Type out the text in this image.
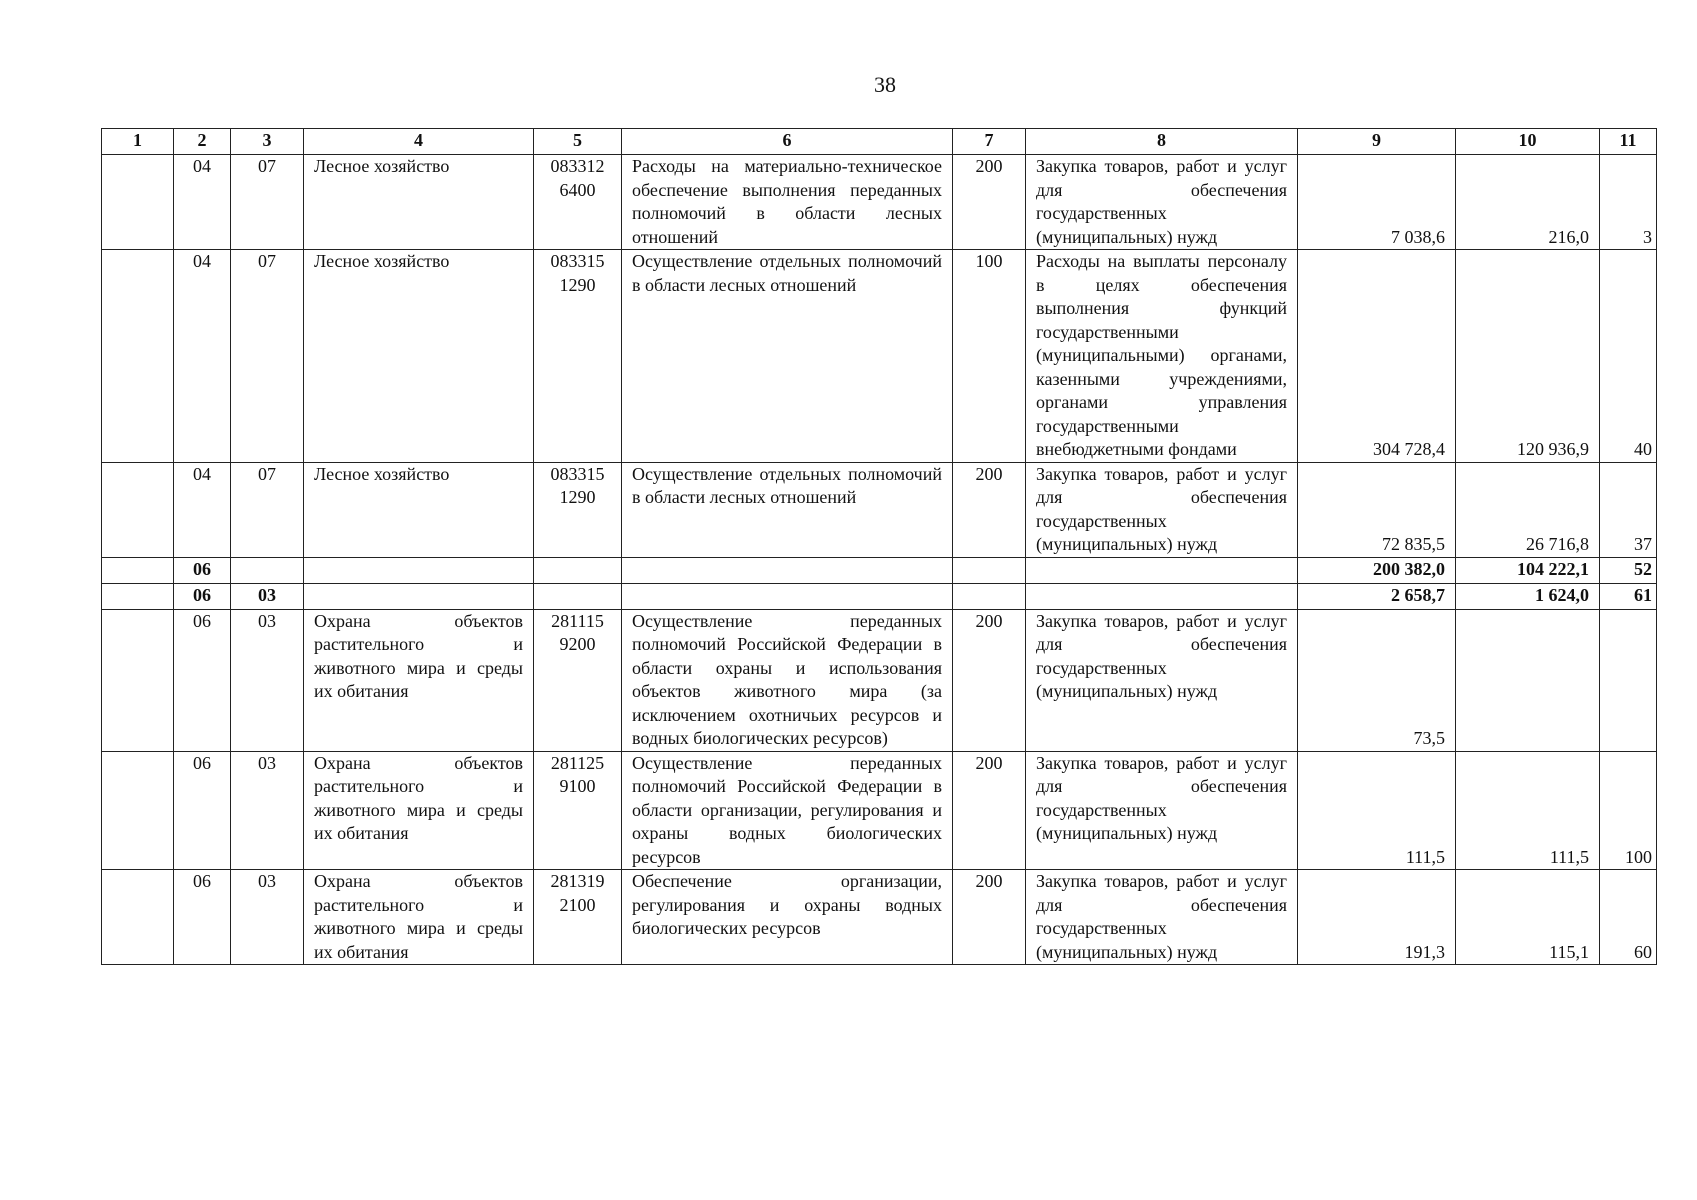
38
1	2	3	4	5	6	7	8	9	10	11
	04	07	Лесное хозяйство	083312 6400	Расходы на материально-техническое обеспечение выполнения переданных полномочий в области лесных отношений	200	Закупка товаров, работ и услуг для обеспечения государственных (муниципальных) нужд	7 038,6	216,0	3
	04	07	Лесное хозяйство	083315 1290	Осуществление отдельных полномочий в области лесных отношений	100	Расходы на выплаты персоналу в целях обеспечения выполнения функций государственными (муниципальными) органами, казенными учреждениями, органами управления государственными внебюджетными фондами	304 728,4	120 936,9	40
	04	07	Лесное хозяйство	083315 1290	Осуществление отдельных полномочий в области лесных отношений	200	Закупка товаров, работ и услуг для обеспечения государственных (муниципальных) нужд	72 835,5	26 716,8	37
	06							200 382,0	104 222,1	52
	06	03						2 658,7	1 624,0	61
	06	03	Охрана объектов растительного и животного мира и среды их обитания	281115 9200	Осуществление переданных полномочий Российской Федерации в области охраны и использования объектов животного мира (за исключением охотничьих ресурсов и водных биологических ресурсов)	200	Закупка товаров, работ и услуг для обеспечения государственных (муниципальных) нужд	73,5		
	06	03	Охрана объектов растительного и животного мира и среды их обитания	281125 9100	Осуществление переданных полномочий Российской Федерации в области организации, регулирования и охраны водных биологических ресурсов	200	Закупка товаров, работ и услуг для обеспечения государственных (муниципальных) нужд	111,5	111,5	100
	06	03	Охрана объектов растительного и животного мира и среды их обитания	281319 2100	Обеспечение организации, регулирования и охраны водных биологических ресурсов	200	Закупка товаров, работ и услуг для обеспечения государственных (муниципальных) нужд	191,3	115,1	60
